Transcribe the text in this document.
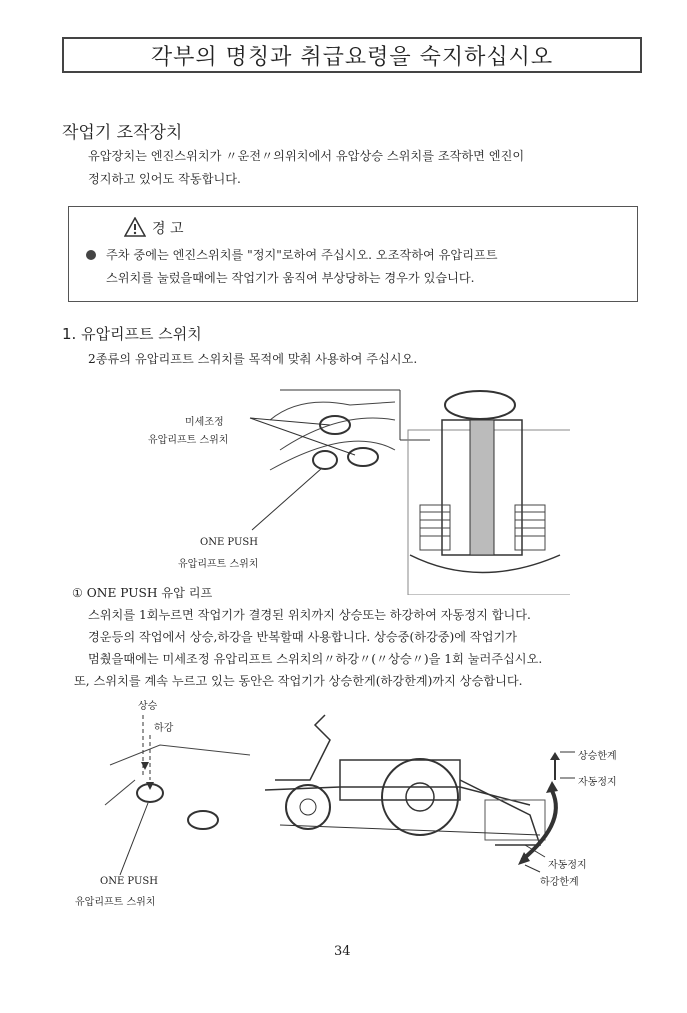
각부의 명칭과 취급요령을 숙지하십시오
작업기 조작장치
유압장치는 엔진스위치가 〃운전〃의위치에서 유압상승 스위치를 조작하면 엔진이
정지하고 있어도 작동합니다.
경 고
주차 중에는 엔진스위치를 "정지"로하여 주십시오. 오조작하여 유압리프트
스위치를 눌렀을때에는 작업기가 움직여 부상당하는 경우가 있습니다.
1. 유압리프트 스위치
2종류의 유압리프트 스위치를 목적에 맞춰 사용하여 주십시오.
미세조정
유압리프트 스위치
ONE PUSH
유압리프트 스위치
① ONE PUSH 유압 리프
스위치를 1회누르면 작업기가 결경된 위치까지 상승또는 하강하여 자동정지 합니다.
경운등의 작업에서 상승,하강을 반복할때 사용합니다. 상승중(하강중)에 작업기가
멈췄을때에는 미세조정 유압리프트 스위치의〃하강〃(〃상승〃)을 1회 눌러주십시오.
또, 스위치를 계속 누르고 있는 동안은 작업기가 상승한게(하강한계)까지 상승합니다.
상승
하강
ONE PUSH
유압리프트 스위치
상승한계
자동정지
자동정지
하강한계
34
